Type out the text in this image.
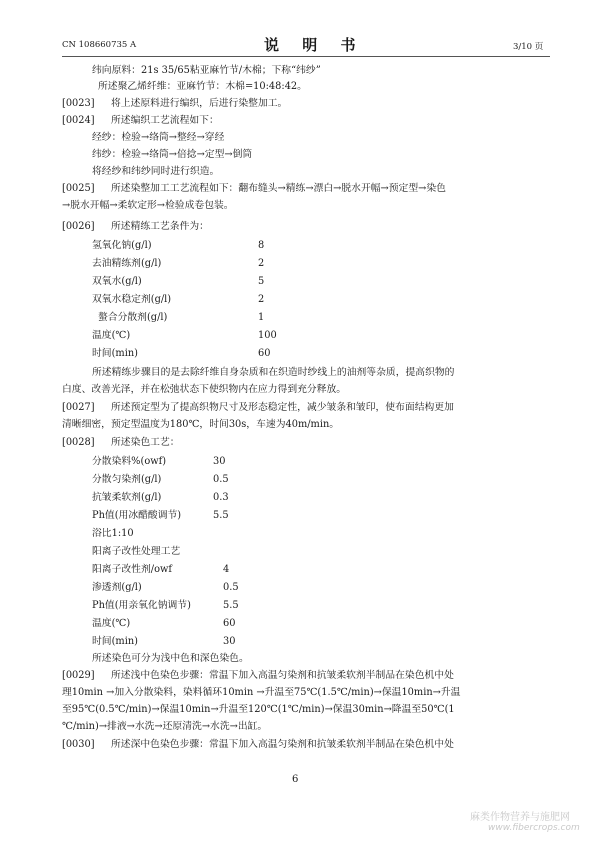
CN 108660735 A	说 明 书	3/10 页
纬向原料：21s 35/65粘亚麻竹节/木棉；下称“纬纱”
所述聚乙烯纤维：亚麻竹节：木棉=10:48:42。
[0023] 将上述原料进行编织，后进行染整加工。
[0024] 所述编织工艺流程如下：
经纱：检验→络筒→整经→穿经
纬纱：检验→络筒→倍捻→定型→倒筒
将经纱和纬纱同时进行织造。
[0025] 所述染整加工工艺流程如下：翻布缝头→精练→漂白→脱水开幅→预定型→染色
→脱水开幅→柔软定形→检验成卷包装。
[0026] 所述精练工艺条件为：
氢氧化钠(g/l)	8
去油精练剂(g/l)	2
双氧水(g/l)	5
双氧水稳定剂(g/l)	2
螯合分散剂(g/l)	1
温度(℃)	100
时间(min)	60
所述精练步骤目的是去除纤维自身杂质和在织造时纱线上的油剂等杂质，提高织物的
白度、改善光泽，并在松弛状态下使织物内在应力得到充分释放。
[0027] 所述预定型为了提高织物尺寸及形态稳定性，减少皱条和皱印，使布面结构更加
清晰细密，预定型温度为180℃，时间30s，车速为40m/min。
[0028] 所述染色工艺：
分散染料%(owf)	30
分散匀染剂(g/l)	0.5
抗皱柔软剂(g/l)	0.3
Ph值(用冰醋酸调节)	5.5
浴比1:10
阳离子改性处理工艺
阳离子改性剂/owf	4
渗透剂(g/l)	0.5
Ph值(用亲氧化钠调节)	5.5
温度(℃)	60
时间(min)	30
所述染色可分为浅中色和深色染色。
[0029] 所述浅中色染色步骤：常温下加入高温匀染剂和抗皱柔软剂半制品在染色机中处
理10min →加入分散染料，染料循环10min →升温至75℃(1.5℃/min)→保温10min→升温
至95℃(0.5℃/min)→保温10min→升温至120℃(1℃/min)→保温30min→降温至50℃(1
℃/min)→排液→水洗→还原清洗→水洗→出缸。
[0030] 所述深中色染色步骤：常温下加入高温匀染剂和抗皱柔软剂半制品在染色机中处
6
麻类作物营养与施肥网
www.fibercrops.com
